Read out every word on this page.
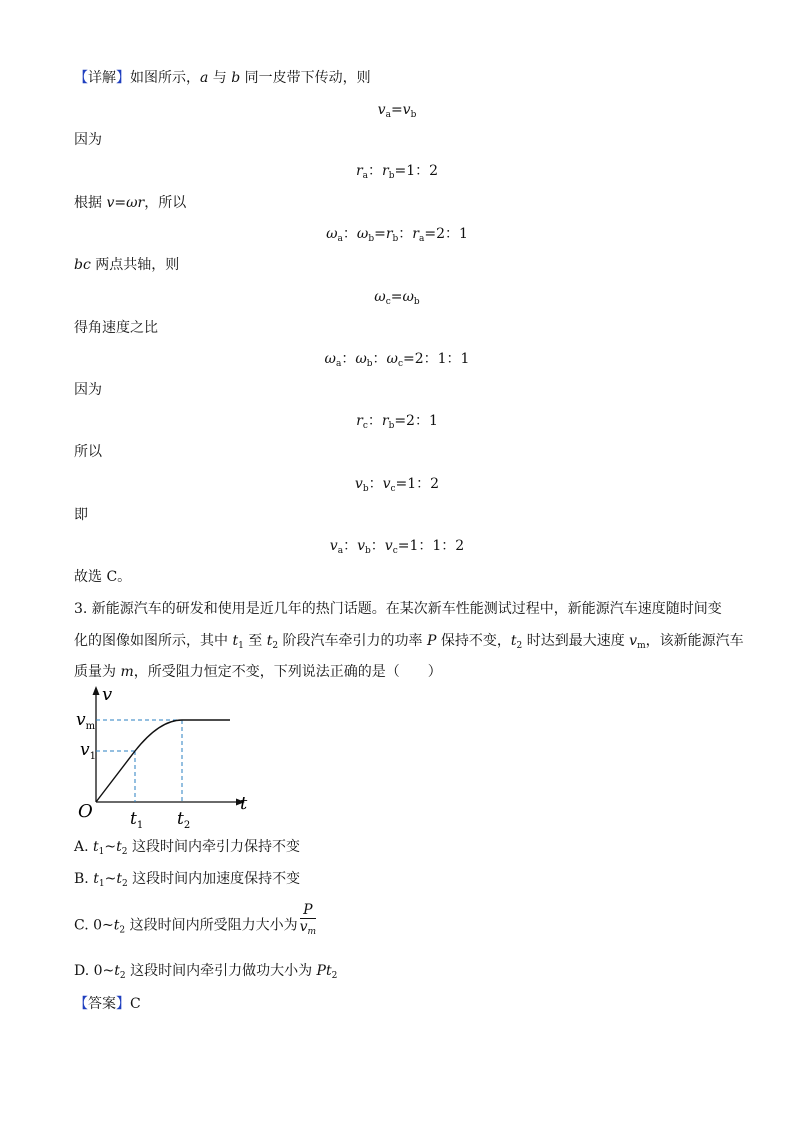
【详解】如图所示，a 与 b 同一皮带下传动，则
$v_a=v_b$
因为
$r_a$：$r_b=1$：2
根据 v=ωr，所以
$\omega_a$：$\omega_b=r_b$：$r_a=2$：1
bc 两点共轴，则
$\omega_c=\omega_b$
得角速度之比
$\omega_a$：$\omega_b$：$\omega_c=2$：1：1
因为
$r_c$：$r_b=2$：1
所以
$v_b$：$v_c=1$：2
即
$v_a$：$v_b$：$v_c=1$：1：2
故选 C。
3. 新能源汽车的研发和使用是近几年的热门话题。在某次新车性能测试过程中，新能源汽车速度随时间变
化的图像如图所示，其中 $t_1$ 至 $t_2$ 阶段汽车牵引力的功率 P 保持不变，$t_2$ 时达到最大速度 $v_m$，该新能源汽车
质量为 m，所受阻力恒定不变，下列说法正确的是（　　）
v
t
O
$v_m$
$v_1$
$t_1$ $t_2$
A. $t_1\sim t_2$ 这段时间内牵引力保持不变
B. $t_1\sim t_2$ 这段时间内加速度保持不变
C. $0\sim t_2$ 这段时间内所受阻力大小为 $\frac{P}{v_m}$
D. $0\sim t_2$ 这段时间内牵引力做功大小为 $Pt_2$
【答案】C
